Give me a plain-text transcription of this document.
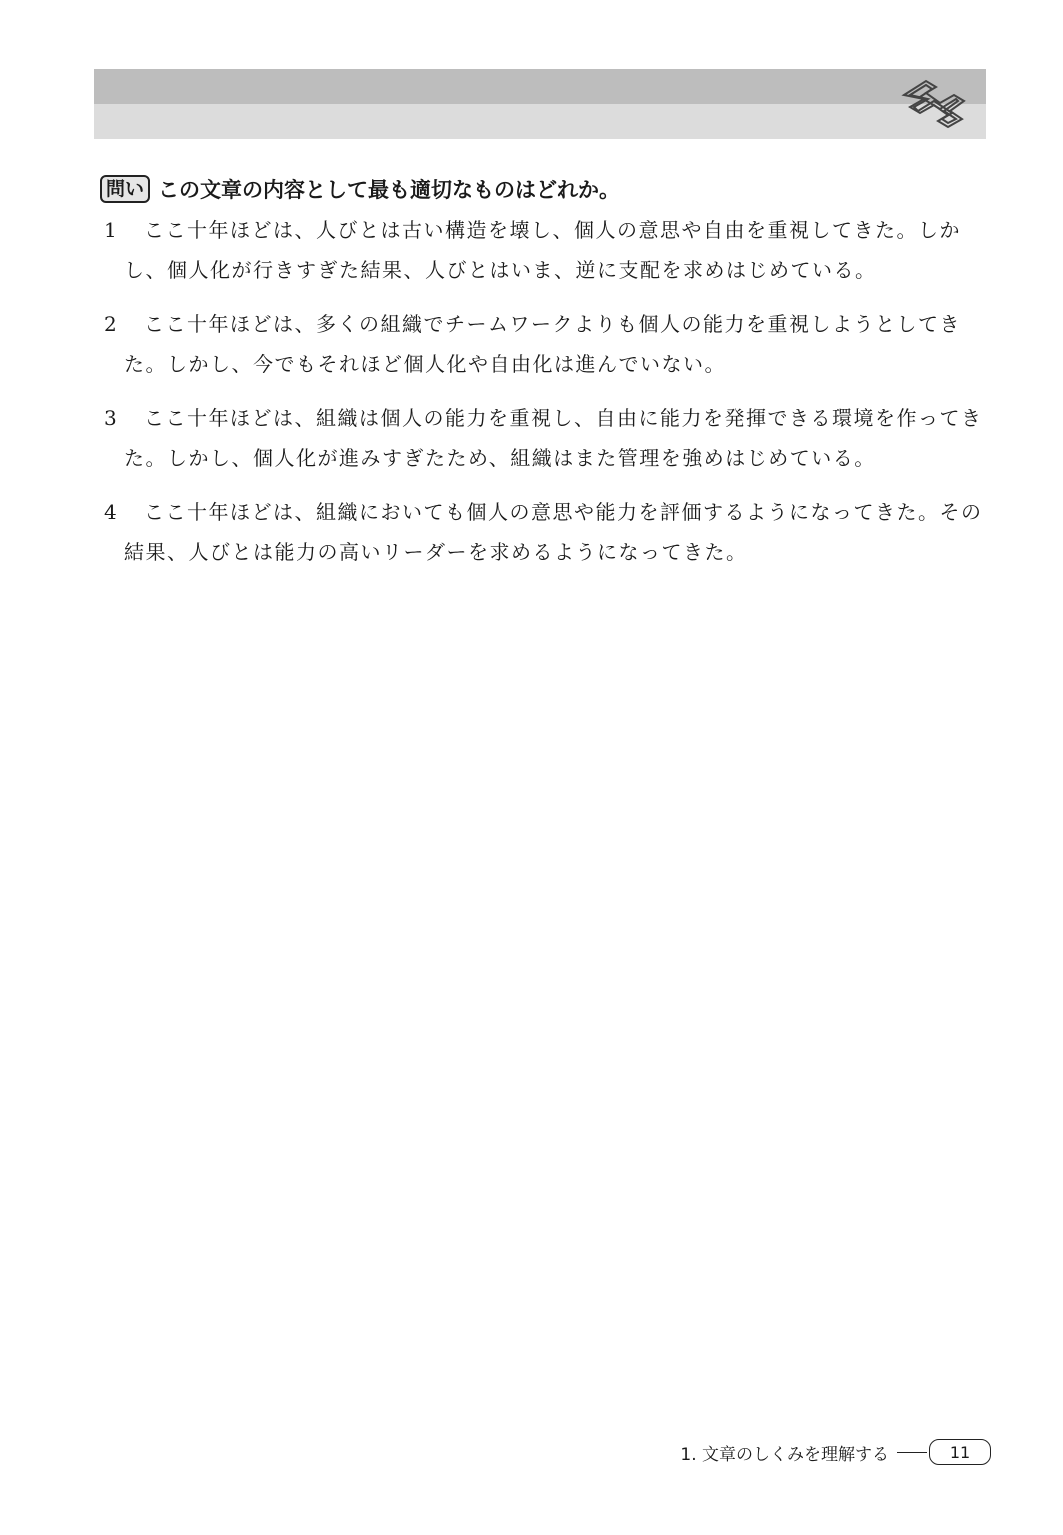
問い この文章の内容として最も適切なものはどれか。
1	ここ十年ほどは、人びとは古い構造を壊し、個人の意思や自由を重視してきた。しかし、個人化が行きすぎた結果、人びとはいま、逆に支配を求めはじめている。
2	ここ十年ほどは、多くの組織でチームワークよりも個人の能力を重視しようとしてきた。しかし、今でもそれほど個人化や自由化は進んでいない。
3	ここ十年ほどは、組織は個人の能力を重視し、自由に能力を発揮できる環境を作ってきた。しかし、個人化が進みすぎたため、組織はまた管理を強めはじめている。
4	ここ十年ほどは、組織においても個人の意思や能力を評価するようになってきた。その結果、人びとは能力の高いリーダーを求めるようになってきた。
1. 文章のしくみを理解する	11
